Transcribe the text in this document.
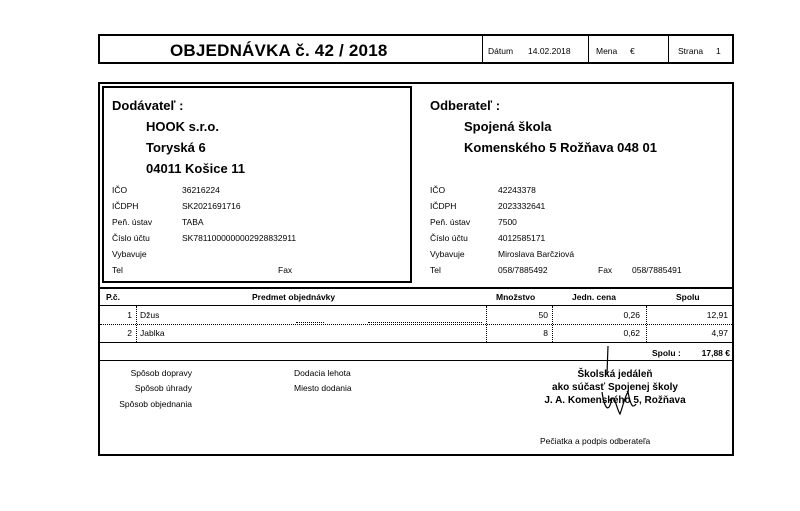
OBJEDNÁVKA č. 42 / 2018	Dátum 14.02.2018	Mena €	Strana 1
Dodávateľ :
HOOK s.r.o.
Toryská 6
04011 Košice 11
IČO	36216224
IČDPH	SK2021691716
Peň. ústav	TABA
Číslo účtu	SK7811000000002928832911
Vybavuje
Tel	Fax
Odberateľ :
Spojená škola
Komenského 5 Rožňava 048 01
IČO	42243378
IČDPH	2023332641
Peň. ústav	7500
Číslo účtu	4012585171
Vybavuje	Miroslava Barčziová
Tel	058/7885492	Fax 058/7885491
P.č.	Predmet objednávky	Množstvo	Jedn. cena	Spolu
1 Džus	50	0,26	12,91
2 Jablka	8	0,62	4,97
Spolu :	17,88 €
Spôsob dopravy
Spôsob úhrady
Spôsob objednania
Dodacia lehota
Miesto dodania
Školská jedáleň
ako súčasť Spojenej školy
J. A. Komenského 5, Rožňava
Pečiatka a podpis odberateľa
